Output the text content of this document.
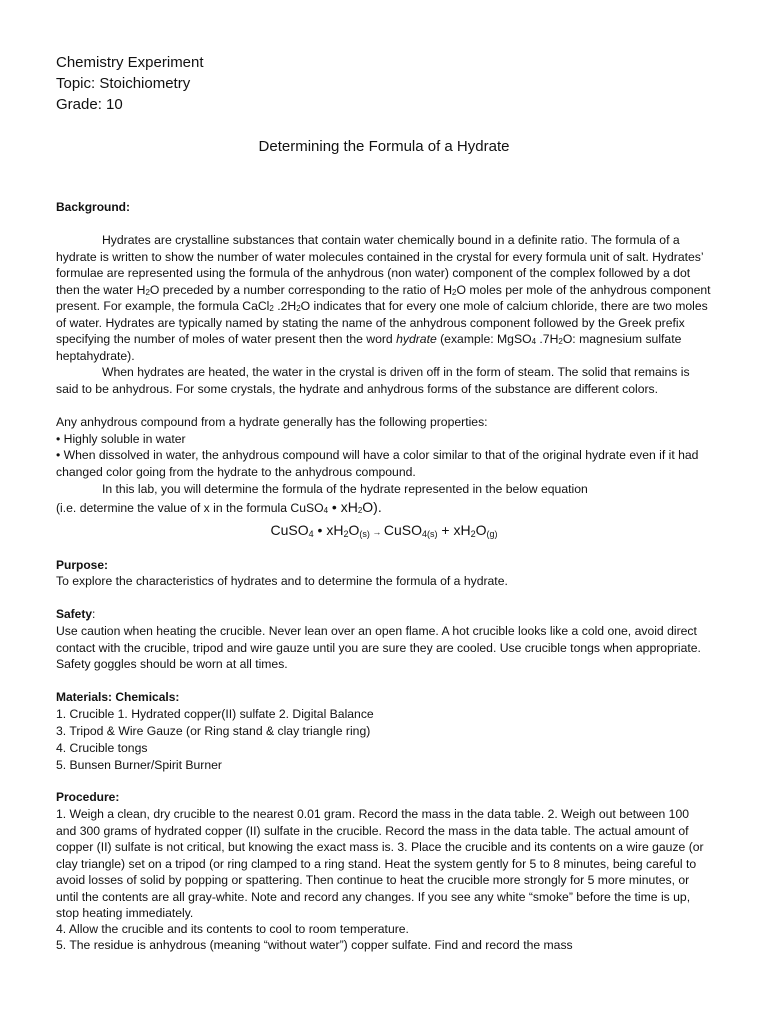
Chemistry Experiment
Topic: Stoichiometry
Grade: 10
Determining the Formula of a Hydrate
Background:
Hydrates are crystalline substances that contain water chemically bound in a definite ratio. The formula of a hydrate is written to show the number of water molecules contained in the crystal for every formula unit of salt. Hydrates’ formulae are represented using the formula of the anhydrous (non water) component of the complex followed by a dot then the water H2O preceded by a number corresponding to the ratio of H2O moles per mole of the anhydrous component present. For example, the formula CaCl2 .2H2O indicates that for every one mole of calcium chloride, there are two moles of water. Hydrates are typically named by stating the name of the anhydrous component followed by the Greek prefix specifying the number of moles of water present then the word hydrate (example: MgSO4 .7H2O: magnesium sulfate heptahydrate).
When hydrates are heated, the water in the crystal is driven off in the form of steam. The solid that remains is said to be anhydrous. For some crystals, the hydrate and anhydrous forms of the substance are different colors.
Any anhydrous compound from a hydrate generally has the following properties:
• Highly soluble in water
• When dissolved in water, the anhydrous compound will have a color similar to that of the original hydrate even if it had changed color going from the hydrate to the anhydrous compound.
In this lab, you will determine the formula of the hydrate represented in the below equation
(i.e. determine the value of x in the formula CuSO4 • xH2O).
CuSO$_4$ • $xH_2O_{(s)}$ → CuSO$_{4(s)}$ + $xH_2O_{(g)}$
Purpose:
To explore the characteristics of hydrates and to determine the formula of a hydrate.
Safety:
Use caution when heating the crucible. Never lean over an open flame. A hot crucible looks like a cold one, avoid direct contact with the crucible, tripod and wire gauze until you are sure they are cooled. Use crucible tongs when appropriate. Safety goggles should be worn at all times.
Materials: Chemicals:
1. Crucible 1. Hydrated copper(II) sulfate 2. Digital Balance
3. Tripod & Wire Gauze (or Ring stand & clay triangle ring)
4. Crucible tongs
5. Bunsen Burner/Spirit Burner
Procedure:
1. Weigh a clean, dry crucible to the nearest 0.01 gram. Record the mass in the data table. 2. Weigh out between 100 and 300 grams of hydrated copper (II) sulfate in the crucible. Record the mass in the data table. The actual amount of copper (II) sulfate is not critical, but knowing the exact mass is. 3. Place the crucible and its contents on a wire gauze (or clay triangle) set on a tripod (or ring clamped to a ring stand. Heat the system gently for 5 to 8 minutes, being careful to avoid losses of solid by popping or spattering. Then continue to heat the crucible more strongly for 5 more minutes, or until the contents are all gray-white. Note and record any changes. If you see any white “smoke” before the time is up, stop heating immediately.
4. Allow the crucible and its contents to cool to room temperature.
5. The residue is anhydrous (meaning “without water”) copper sulfate. Find and record the mass
